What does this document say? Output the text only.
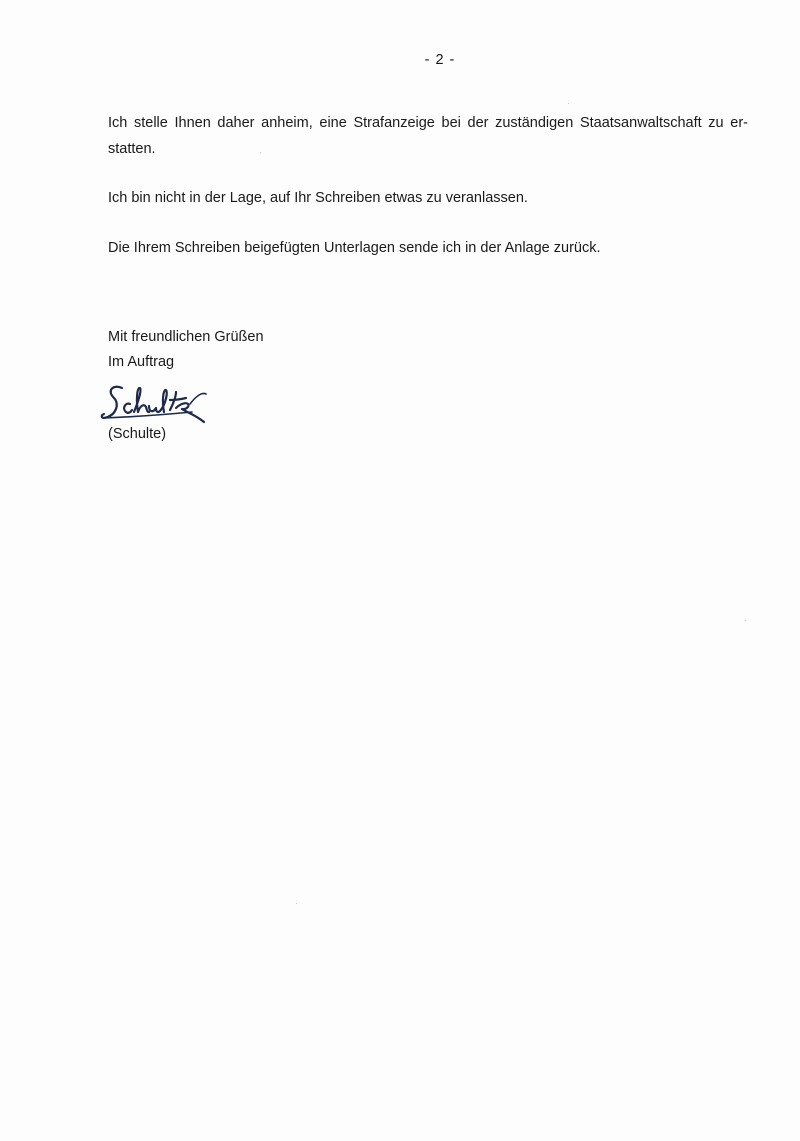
- 2 -
Ich stelle Ihnen daher anheim, eine Strafanzeige bei der zuständigen Staatsanwaltschaft zu er-
statten.
Ich bin nicht in der Lage, auf Ihr Schreiben etwas zu veranlassen.
Die Ihrem Schreiben beigefügten Unterlagen sende ich in der Anlage zurück.
Mit freundlichen Grüßen
Im Auftrag
(Schulte)
